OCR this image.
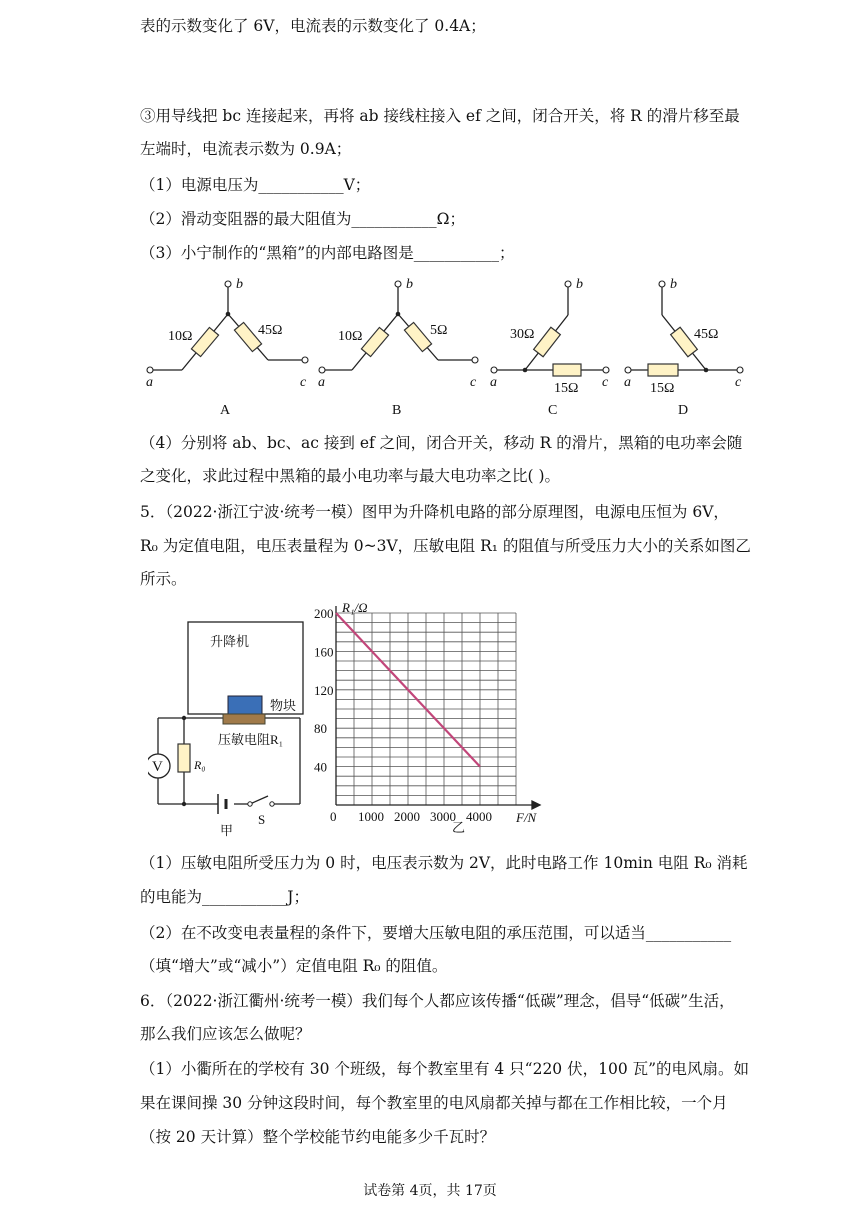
表的示数变化了 6V，电流表的示数变化了 0.4A；
③用导线把 bc 连接起来，再将 ab 接线柱接入 ef 之间，闭合开关，将 R 的滑片移至最
左端时，电流表示数为 0.9A；
（1）电源电压为___________V；
（2）滑动变阻器的最大阻值为___________Ω；
（3）小宁制作的“黑箱”的内部电路图是___________；
10Ω	45Ω
a
b
c
A
10Ω	5Ω
a
b
c
B
30Ω
15Ω
a
b
c
C
45Ω
15Ω
a
b
c
D
（4）分别将 ab、bc、ac 接到 ef 之间，闭合开关，移动 R 的滑片，黑箱的电功率会随
之变化，求此过程中黑箱的最小电功率与最大电功率之比( )。
5．（2022·浙江宁波·统考一模）图甲为升降机电路的部分原理图，电源电压恒为 6V，
R₀ 为定值电阻，电压表量程为 0~3V，压敏电阻 R₁ 的阻值与所受压力大小的关系如图乙
所示。
升降机
物块
压敏电阻R₁
R₀
V
S
甲
0 1000 2000 3000 4000
40
80
120
160
200 R₁/Ω
F/N
乙
（1）压敏电阻所受压力为 0 时，电压表示数为 2V，此时电路工作 10min 电阻 R₀ 消耗
的电能为___________J；
（2）在不改变电表量程的条件下，要增大压敏电阻的承压范围，可以适当___________
（填“增大”或“减小”）定值电阻 R₀ 的阻值。
6．（2022·浙江衢州·统考一模）我们每个人都应该传播“低碳”理念，倡导“低碳”生活，
那么我们应该怎么做呢？
（1）小衢所在的学校有 30 个班级，每个教室里有 4 只“220 伏，100 瓦”的电风扇。如
果在课间操 30 分钟这段时间，每个教室里的电风扇都关掉与都在工作相比较，一个月
（按 20 天计算）整个学校能节约电能多少千瓦时？
试卷第 4页，共 17页
